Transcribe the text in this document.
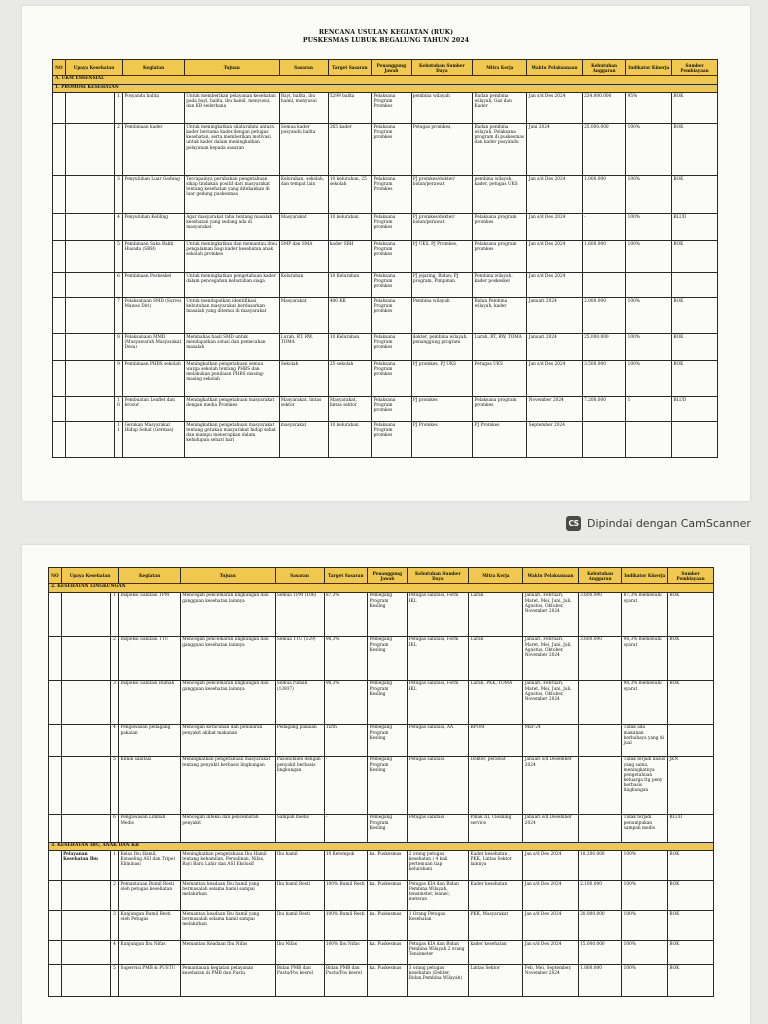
RENCANA USULAN KEGIATAN (RUK)
PUSKESMAS LUBUK BEGALUNG TAHUN 2024
NO	Upaya Kesehatan		Kegiatan	Tujuan	Sasaran	Target Sasaran	Penanggung Jawab	Kebutuhan Sumber Daya	Mitra Kerja	Waktu Pelaksanaan	Kebutuhan Anggaran	Indikator Kinerja	Sumber Pembiayaan
A. UKM ESSENSIAL													
1. PROMOSI KESEHATAN													
		1	Posyandu balita	Untuk memberikan pelayanan kesehatan pada bayi, balita, ibu hamil, menyusui, dan KB sederhana	Bayi, balita, ibu hamil, menyusui	5299 balita	Pelaksana Program Promkes	pembina wilayah	Badan pembina wilayah, Gizi dan Kader	Jan s/d Des 2024	234.000.000	95%	BOK
		2	Pembinaan kader	Untuk meningkatkan silaturahmi antara kader bersama kader,dengan petugas kesehatan, serta memberikan motivasi untuk kader dalam meningkatkan pelayanan kepada sasaran	Semua kader posyandu balita	265 kader	Pelaksana Program promkes	Petugas promkes,	Badan pembina wilayah, Pelaksana program di puskesmas dan kader posyandu	Juni 2024	25.000.000	100%	BOK
		3	Penyuluhan Luar Gedung	Tercapainya perubahan pengetahuan sikap tindakan positif dari masyarakat tentang kesehatan yang ditekankan di luar gedung puskesmas	Kelurahan, sekolah, dan tempat lain	10 kelurahan, 25 sekolah	Pelaksana Program Promkes	PJ promkes/dokter/ bidan/perawat	pembina wilayah, kader, petugas UKS	Jan s/d Des 2024	1.000.000	100%	BOK
		4	Penyuluhan Keliling	Agar masyarakat tahu tentang masalah kesehatan yang sedang ada di masyarakat	Masyarakat	10 kelurahan	Pelaksana Program promkes	PJ promkes/dokter/ bidan/perawat	Pelaksana program promkes	Jan s/d Des 2024	-	100%	BLUD
		5	Pembinaan Saka Bakti Husada (SBH)	Untuk meningkatkan dan memantau ilmu pengalaman bagi kader kesehatan anak sekolah promkes	SMP dan SMA	kader SBH	Pelaksana Program promkes	PJ UKS, PJ Promkes,	Pelaksana program promkes	Jan s/d Des 2024	1.600.000	100%	BOK
		6	Pembinaan Poskeskel	Untuk meningkatkan pengetahuan kader dalam pencegahan kebutuhan siaga	Kelurahan	10 Kelurahan	Pelaksana Program promkes	PJ jejaring, Bidan; PJ program, Pimpinan	Pembina wilayah, kader poskeskel	Jan s/d Des 2024			
		7	Pelaksanaan SMD (Survei Mawas Diri)	Untuk mendapatkan identifikasi kebutuhan masyarakat berdasarkan masalah yang ditemui di masyarakat	Masyarakat	400 KK	Pelaksana Program promkes	Pembina wilayah	Bidan Pembina wilayah, kader	Januari 2024	2.000.000	100%	BOK
		8	Pelaksanaan MMD (Musyawarah Masyarakat Desa)	Membahas hasil SMD untuk mendapatkan solusi dan pemecahan masalah	Lurah, RT, RW, TOMA	10 Kelurahan	Pelaksana Program promkes	dokter, pembina wilayah, penanggung program	Lurah, RT, RW, TOMA	Januari 2024	25.000.000	100%	BOK
		9	Pembinaan PHBS sekolah	Meningkatkan pengetahuan semua warga sekolah tentang PHBS dan melakukan penilaian PHBS masing-masing sekolah	Sekolah	25 sekolah	Pelaksana Program promkes	PJ promkes, PJ UKS	Petugas UKS	Jan s/d Des 2024	3.500.000	100%	BOK
		10	Pembuatan Leaflet dan brosur	Meningkatkan pengetahuan masyarakat dengan media Promkes	Masyarakat, lintas sektor	Masyarakat, lintas sektor	Pelaksana Program promkes	PJ promkes	Pelaksana program promkes	November 2024	7.200.000	1	BLUD
		11	Gerakan Masyarakat Hidup Sehat (Germas)	Meningkatkan pengetahuan masyarakat tentang gerakan masyarakat hidup sehat dan mampu menerapkan dalam kehidupan sehari hari	masyarakat	10 kelurahan	Pelaksana Program promkes	PJ Promkes	PJ Promkes	September 2024			
CS Dipindai dengan CamScanner
NO	Upaya Kesehatan		Kegiatan	Tujuan	Sasaran	Target Sasaran	Penanggung Jawab	Kebutuhan Sumber Daya	Mitra Kerja	Waktu Pelaksanaan	Kebutuhan Anggaran	Indikator Kinerja	Sumber Pembiayaan
2. KESEHATAN LINGKUNGAN													
		1	Inspeksi Sanitasi TPM	Mencegah pencemaran lingkungan dan gangguan kesehatan lainnya	Semua TPM (106)	87,3%	Pemegang Program Kesling	Petugas sanitasi, Form IKL	Lurah	Januari, Februari, Maret, Mei, Juni, Juli, Agustus, Oktober, November 2024	3.600.000	87,3% memenuhi syarat	BOK
		2	Inspeksi Sanitasi TTU	Mencegah pencemaran lingkungan dan gangguan kesehatan lainnya	Semua TTU (129)	98,3%	Pemegang Program Kesling	Petugas sanitasi, Form IKL	Lurah	Januari, Februari, Maret, Mei, Juni, Juli, Agustus, Oktober, November 2024	3.600.000	98,3% memenuhi syarat	BOK
		3	Inspeksi Sanitasi Rumah	Mencegah pencemaran lingkungan dan gangguan kesehatan lainnya	Semua rumah (13937)	98,3%	Pemegang Program Kesling	Petugas sanitasi, Form IKL	Lurah, PKK, TOMA	Januari, Februari, Maret, Mei, Juni, Juli, Agustus, Oktober, November 2024		98,3% memenuhi syarat	BOK
		4	Pengawasan pedagang pakaian	Mencegah keracunan dan penularan penyakit akibat makanan	Pedagang pakaian	1x/th	Pemegang Program Kesling	Petugas sanitasi, AA	BPOM	Mar-24		Tidak ada makanan berbahaya yang di jual	
		5	Klinik sanitasi	Meningkatkan pengetahuan masyarakat tentang penyakit berbasis lingkungan	Pasien/klien dengan penyakit berbasis lingkungan	-	Pemegang Program Kesling	Petugas sanitasi	Dokter, perawat	Januari s/d Desember 2024		Tidak terjadi kasus yang sama, meningkatnya pengetahuan keluarga ttg peny berbasis lingkungan	JKN
		6	Pengawasan Limbah Medis	Mencegah infeksi dan pencemaran penyakit	Sampah medis	-	Pemegang Program Kesling	Petugas sanitasi	Pihak III, Cleaning service	Januari s/d Desember 2024		Tidak terjadi penumpukan sampah medis	BLUD
3. KESEHATAN IBU, ANAK DAN KB													
	Pelayanan Kesehatan Ibu	1	Kelas Ibu Hamil, Konseling ASI dan Tripel Eliminasi	Meningkatkan pengetahuan Ibu Hamil tentang kehamilan, Persalinan, Nifas, Bayi Baru Lahir dan ASI Ekslusif	Ibu hamil	10 Kelompok	ka. Puskesmas	2 orang petugas kesehatan ( 4 kali pertemuan tiap kelurahan)	Kader kesehatan , PKK, Lintas Sektor lainnya	Jan s/d Des 2024	18.200.000	100%	BOK
		2	Pemantauan Bumil Resti oleh petugas kesehatan	Memantau keadaan Ibu hamil yang bermasalah selama hamil sampai melahirkan	Ibu hamil Resti	100% Bumil Resti	ka. Puskesmas	Petugas KIA dan Bidan Pembina Wilayah, tensimeter, leanec, meteran	Kader kesehatan	Jan s/d Des 2024	2.100.000	100%	BOK
		3	Kunjungan Bumil Resti oleh Petugas	Memantau keadaan Ibu hamil yang bermasalah selama hamil sampai melahirkan	Ibu hamil Resti	100% Bumil Resti	ka. Puskesmas	1 Orang Petugas Kesehatan	PKK, Masyarakat	Jan s/d Des 2024	20.000.000	100%	BOK
		4	Kunjungan Ibu Nifas	Memantau Keadaan Ibu Nifas	Ibu Nifas	100% Ibu Nifas	ka. Puskesmas	Petugas KIA dan Bidan Pembina Wilayah 2 orang Tensimeter	kader kesehatan	Jan s/d Des 2024	15.000.000	100%	BOK
		5	Supervisi PMB & PUSTU	Pemantauan kegiatan pelayanan kesehatan di PMB dan Pustu	Bidan PMB dan Pustu/Pos kesrel	Bidan PMB dan Pustu/Pos kesrel	ka. Puskesmas	3 orang petugas kesehatan (Dokter, Bidan,Pembina Wilayah)	Lintas Sektor	Feb, Mei, September, November 2024	1.800.000	100%	BOK
